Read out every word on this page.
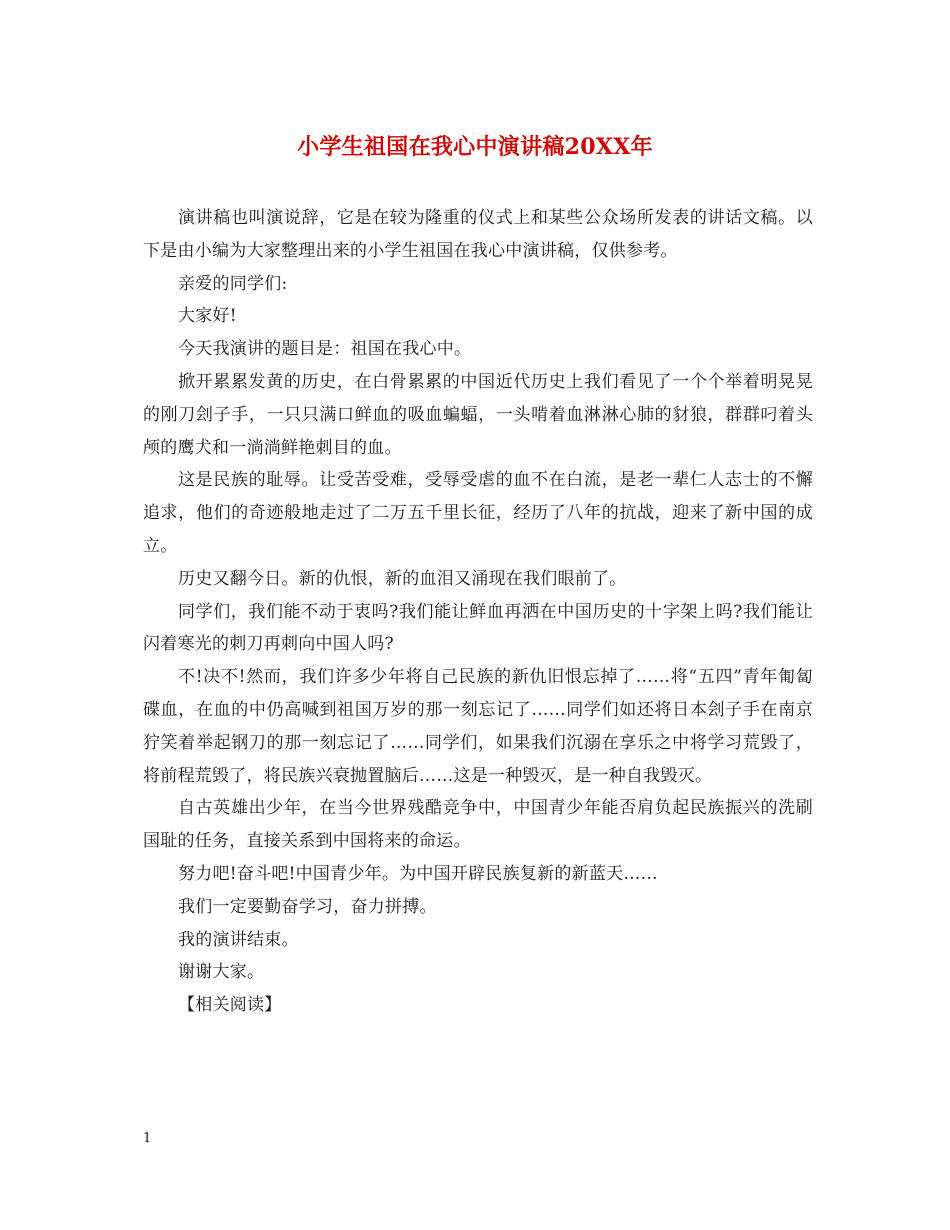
小学生祖国在我心中演讲稿20XX年

演讲稿也叫演说辞，它是在较为隆重的仪式上和某些公众场所发表的讲话文稿。以下是由小编为大家整理出来的小学生祖国在我心中演讲稿，仅供参考。

亲爱的同学们:

大家好!

今天我演讲的题目是：祖国在我心中。

掀开累累发黄的历史，在白骨累累的中国近代历史上我们看见了一个个举着明晃晃的刚刀刽子手，一只只满口鲜血的吸血蝙蝠，一头啃着血淋淋心肺的豺狼，群群叼着头颅的鹰犬和一淌淌鲜艳刺目的血。

这是民族的耻辱。让受苦受难，受辱受虐的血不在白流，是老一辈仁人志士的不懈追求，他们的奇迹般地走过了二万五千里长征，经历了八年的抗战，迎来了新中国的成立。

历史又翻今日。新的仇恨，新的血泪又涌现在我们眼前了。

同学们，我们能不动于衷吗?我们能让鲜血再洒在中国历史的十字架上吗?我们能让闪着寒光的刺刀再刺向中国人吗?

不!决不!然而，我们许多少年将自己民族的新仇旧恨忘掉了……将“五四”青年匍匐碟血，在血的中仍高喊到祖国万岁的那一刻忘记了……同学们如还将日本刽子手在南京狞笑着举起钢刀的那一刻忘记了……同学们，如果我们沉溺在享乐之中将学习荒毁了，将前程荒毁了，将民族兴衰抛置脑后……这是一种毁灭，是一种自我毁灭。

自古英雄出少年，在当今世界残酷竞争中，中国青少年能否肩负起民族振兴的洗刷国耻的任务，直接关系到中国将来的命运。

努力吧!奋斗吧!中国青少年。为中国开辟民族复新的新蓝天……

我们一定要勤奋学习，奋力拼搏。

我的演讲结束。

谢谢大家。

【相关阅读】

1
